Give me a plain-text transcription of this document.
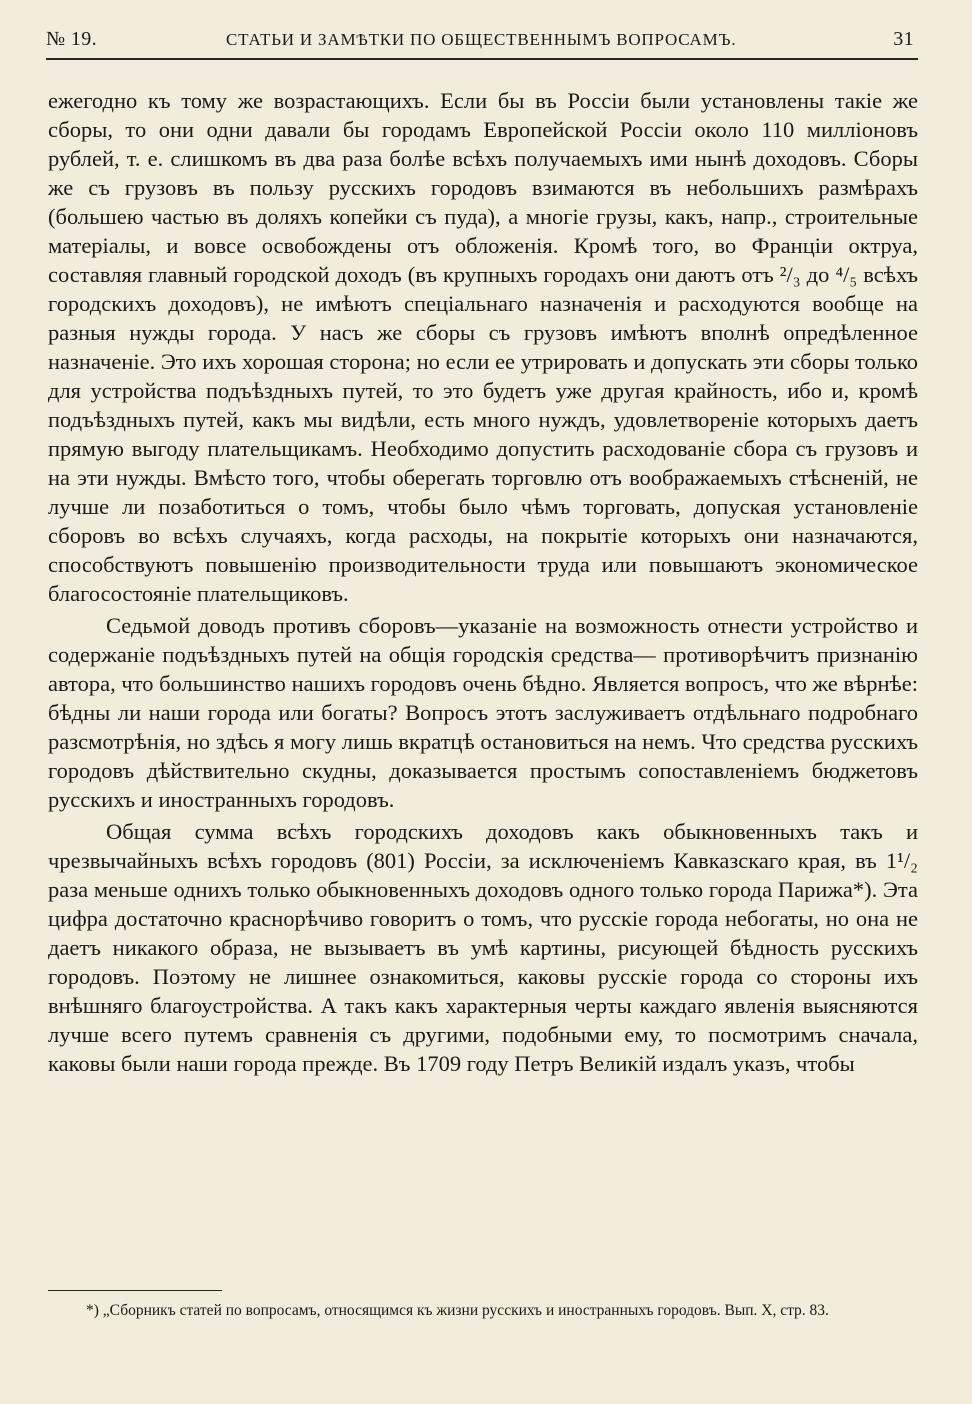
№ 19.	СТАТЬИ И ЗАМѢТКИ ПО ОБЩЕСТВЕННЫМЪ ВОПРОСАМЪ.	31

ежегодно къ тому же возрастающихъ. Если бы въ Россіи были установлены такіе же сборы, то они одни давали бы городамъ Европейской Россіи около 110 милліоновъ рублей, т. е. слишкомъ въ два раза болѣе всѣхъ получаемыхъ ими нынѣ доходовъ. Сборы же съ грузовъ въ пользу русскихъ городовъ взимаются въ небольшихъ размѣрахъ (большею частью въ доляхъ копейки съ пуда), а многіе грузы, какъ, напр., строительные матеріалы, и вовсе освобождены отъ обложенія. Кромѣ того, во Франціи октруа, составляя главный городской доходъ (въ крупныхъ городахъ они даютъ отъ ²/₃ до ⁴/₅ всѣхъ городскихъ доходовъ), не имѣютъ спеціальнаго назначенія и расходуются вообще на разныя нужды города. У насъ же сборы съ грузовъ имѣютъ вполнѣ опредѣленное назначеніе. Это ихъ хорошая сторона; но если ее утрировать и допускать эти сборы только для устройства подъѣздныхъ путей, то это будетъ уже другая крайность, ибо и, кромѣ подъѣздныхъ путей, какъ мы видѣли, есть много нуждъ, удовлетвореніе которыхъ даетъ прямую выгоду плательщикамъ. Необходимо допустить расходованіе сбора съ грузовъ и на эти нужды. Вмѣсто того, чтобы оберегать торговлю отъ воображаемыхъ стѣсненій, не лучше ли позаботиться о томъ, чтобы было чѣмъ торговать, допуская установленіе сборовъ во всѣхъ случаяхъ, когда расходы, на покрытіе которыхъ они назначаются, способствуютъ повышенію производительности труда или повышаютъ экономическое благосостояніе плательщиковъ.

Седьмой доводъ противъ сборовъ—указаніе на возможность отнести устройство и содержаніе подъѣздныхъ путей на общія городскія средства— противорѣчитъ признанію автора, что большинство нашихъ городовъ очень бѣдно. Является вопросъ, что же вѣрнѣе: бѣдны ли наши города или богаты? Вопросъ этотъ заслуживаетъ отдѣльнаго подробнаго разсмотрѣнія, но здѣсь я могу лишь вкратцѣ остановиться на немъ. Что средства русскихъ городовъ дѣйствительно скудны, доказывается простымъ сопоставленіемъ бюджетовъ русскихъ и иностранныхъ городовъ.

Общая сумма всѣхъ городскихъ доходовъ какъ обыкновенныхъ такъ и чрезвычайныхъ всѣхъ городовъ (801) Россіи, за исключеніемъ Кавказскаго края, въ 1¹/₂ раза меньше однихъ только обыкновенныхъ доходовъ одного только города Парижа*). Эта цифра достаточно краснорѣчиво говоритъ о томъ, что русскіе города небогаты, но она не даетъ никакого образа, не вызываетъ въ умѣ картины, рисующей бѣдность русскихъ городовъ. Поэтому не лишнее ознакомиться, каковы русскіе города со стороны ихъ внѣшняго благоустройства. А такъ какъ характерныя черты каждаго явленія выясняются лучше всего путемъ сравненія съ другими, подобными ему, то посмотримъ сначала, каковы были наши города прежде. Въ 1709 году Петръ Великій издалъ указъ, чтобы

*) „Сборникъ статей по вопросамъ, относящимся къ жизни русскихъ и иностранныхъ городовъ. Вып. X, стр. 83.
